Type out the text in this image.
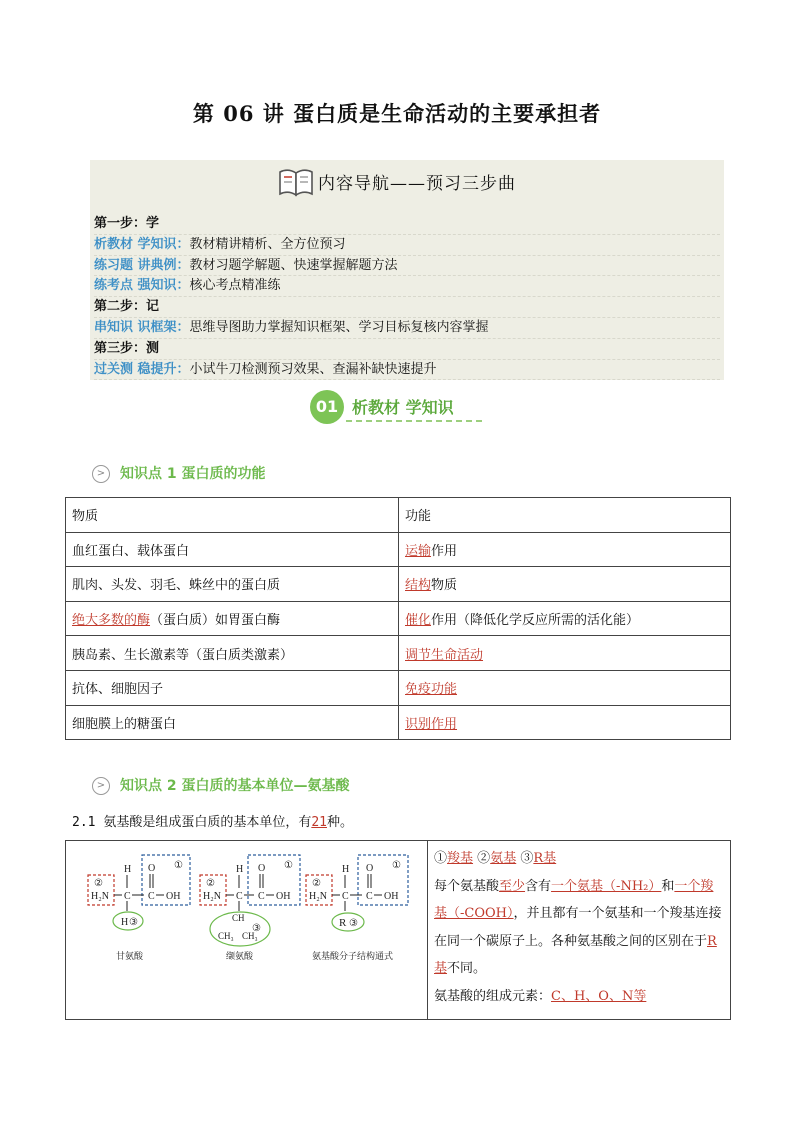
第 06 讲 蛋白质是生命活动的主要承担者
内容导航——预习三步曲
第一步：学
析教材 学知识：教材精讲精析、全方位预习
练习题 讲典例：教材习题学解题、快速掌握解题方法
练考点 强知识：核心考点精准练
第二步：记
串知识 识框架：思维导图助力掌握知识框架、学习目标复核内容掌握
第三步：测
过关测 稳提升：小试牛刀检测预习效果、查漏补缺快速提升
01 析教材 学知识
>	知识点 1 蛋白质的功能
物质	功能
血红蛋白、载体蛋白	运输作用
肌肉、头发、羽毛、蛛丝中的蛋白质	结构物质
绝大多数的酶（蛋白质）如胃蛋白酶	催化作用（降低化学反应所需的活化能）
胰岛素、生长激素等（蛋白质类激素）	调节生命活动
抗体、细胞因子	免疫功能
细胞膜上的糖蛋白	识别作用
>	知识点 2 蛋白质的基本单位—氨基酸
2.1 氨基酸是组成蛋白质的基本单位，有21种。
②
H₂N C
H	①
O
C OH
H ③
甘氨酸
②
H₂N C
H	①
O
C OH
CH
CH₃ CH₃
③
缬氨酸
②
H₂N C
H	①
O
C OH
R ③
氨基酸分子结构通式
①羧基 ②氨基 ③R基
每个氨基酸至少含有一个氨基（-NH₂）和一个羧基（-COOH），并且都有一个氨基和一个羧基连接在同一个碳原子上。各种氨基酸之间的区别在于R基不同。
氨基酸的组成元素：C、H、O、N等
